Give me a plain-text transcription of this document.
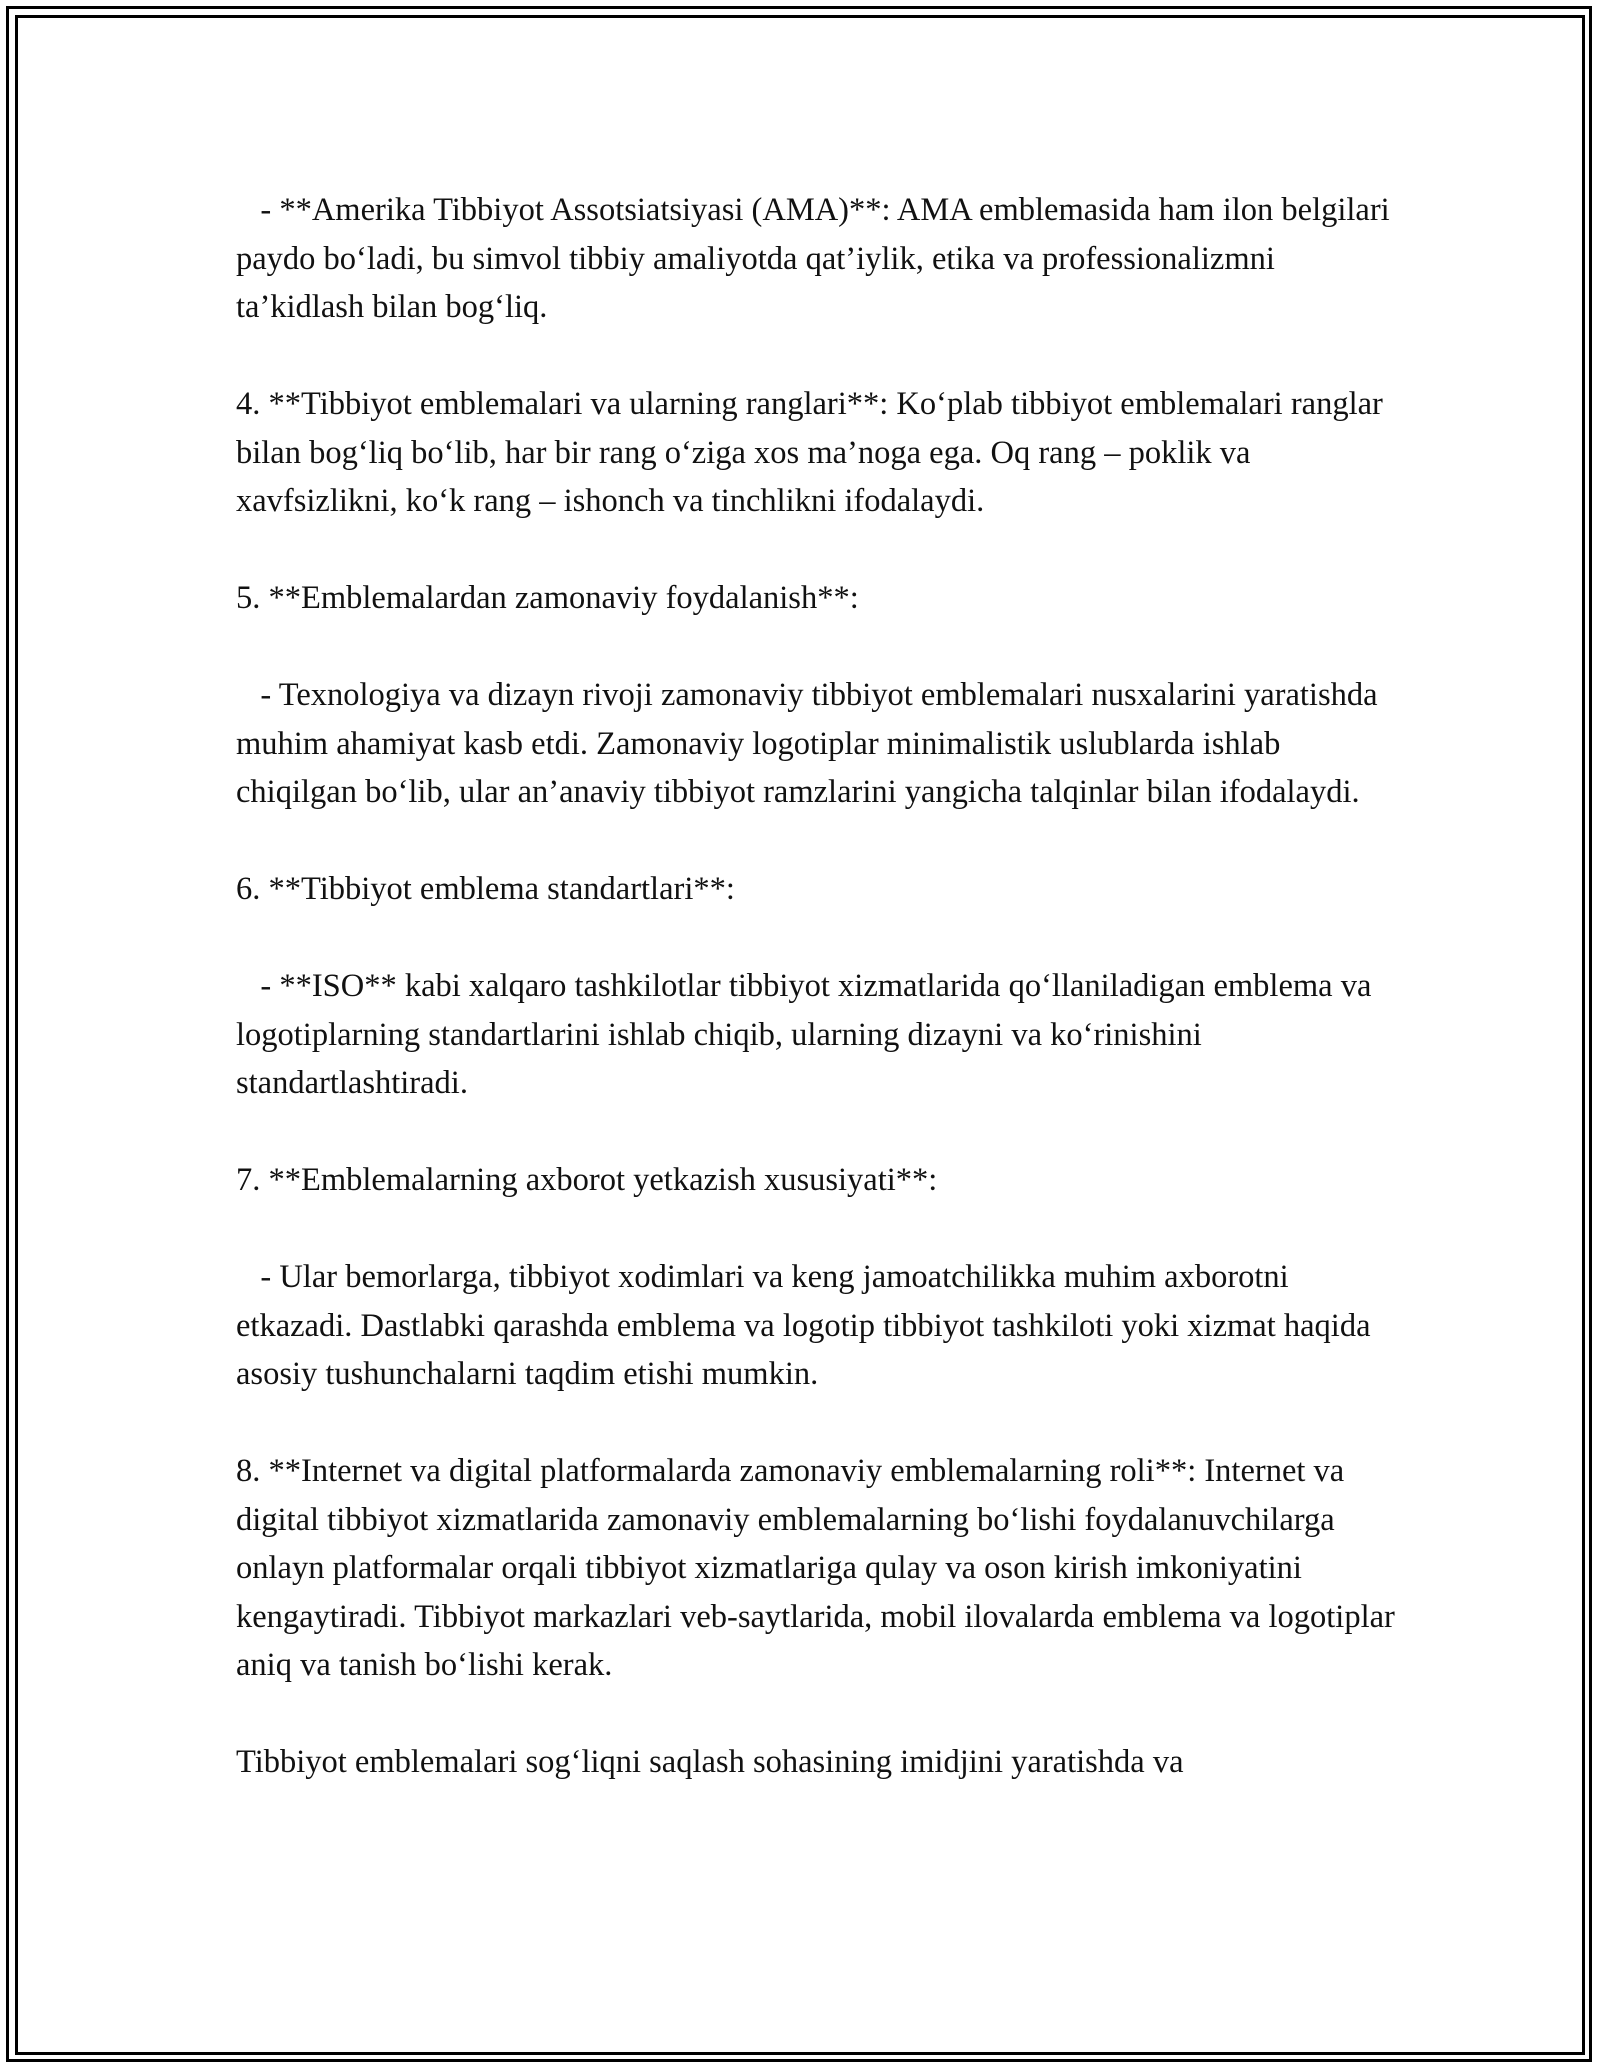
- **Amerika Tibbiyot Assotsiatsiyasi (AMA)**: AMA emblemasida ham ilon belgilari paydo bo‘ladi, bu simvol tibbiy amaliyotda qat’iylik, etika va professionalizmni ta’kidlash bilan bog‘liq.

4. **Tibbiyot emblemalari va ularning ranglari**: Ko‘plab tibbiyot emblemalari ranglar bilan bog‘liq bo‘lib, har bir rang o‘ziga xos ma’noga ega. Oq rang – poklik va xavfsizlikni, ko‘k rang – ishonch va tinchlikni ifodalaydi.

5. **Emblemalardan zamonaviy foydalanish**:

- Texnologiya va dizayn rivoji zamonaviy tibbiyot emblemalari nusxalarini yaratishda muhim ahamiyat kasb etdi. Zamonaviy logotiplar minimalistik uslublarda ishlab chiqilgan bo‘lib, ular an’anaviy tibbiyot ramzlarini yangicha talqinlar bilan ifodalaydi.

6. **Tibbiyot emblema standartlari**:

- **ISO** kabi xalqaro tashkilotlar tibbiyot xizmatlarida qo‘llaniladigan emblema va logotiplarning standartlarini ishlab chiqib, ularning dizayni va ko‘rinishini standartlashtiradi.

7. **Emblemalarning axborot yetkazish xususiyati**:

- Ular bemorlarga, tibbiyot xodimlari va keng jamoatchilikka muhim axborotni etkazadi. Dastlabki qarashda emblema va logotip tibbiyot tashkiloti yoki xizmat haqida asosiy tushunchalarni taqdim etishi mumkin.

8. **Internet va digital platformalarda zamonaviy emblemalarning roli**: Internet va digital tibbiyot xizmatlarida zamonaviy emblemalarning bo‘lishi foydalanuvchilarga onlayn platformalar orqali tibbiyot xizmatlariga qulay va oson kirish imkoniyatini kengaytiradi. Tibbiyot markazlari veb-saytlarida, mobil ilovalarda emblema va logotiplar aniq va tanish bo‘lishi kerak.

Tibbiyot emblemalari sog‘liqni saqlash sohasining imidjini yaratishda va
